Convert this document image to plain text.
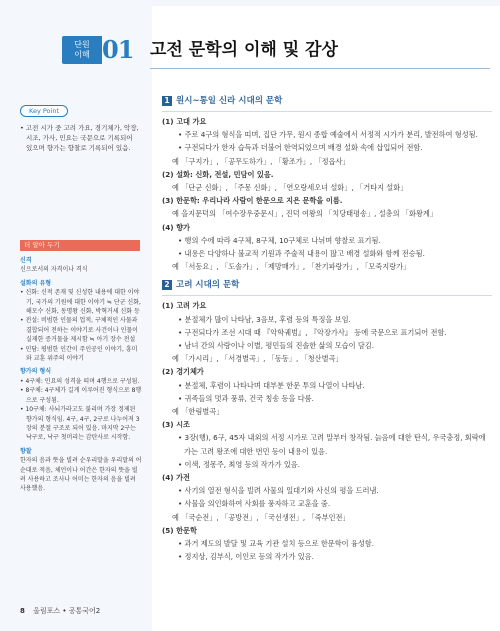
단원
이해 01 고전 문학의 이해 및 감상
Key Point
• 고전 시가 중 고려 가요, 경기체가, 악장, 시조, 가사, 민요는 국문으로 기록되어 있으며 향가는 향찰로 기록되어 있음.
더 알아 두기
신격
신으로서의 자격이나 격식
설화의 유형
• 신화: 신적 존재 및 신성한 내용에 대한 이야기, 국가의 기원에 대한 이야기 ≒ 단군 신화, 해모수 신화, 동명왕 신화, 박혁거세 신화 등
• 전설: 비범한 인물의 업적, 구체적인 사물과 결합되어 전하는 이야기로 사건이나 인물이 실재한 증거물을 제시함 ≒ 아기 장수 전설
• 민담: 평범한 인간이 주인공인 이야기, 흥미와 교훈 위주의 이야기
향가의 형식
• 4구체: 민요의 성격을 띠며 4행으로 구성됨.
• 8구체: 4구체가 길게 이루어진 형식으로 8행으로 구성됨.
• 10구체: 사뇌가라고도 불리며 가장 정제된 향가의 형식임. 4구, 4구, 2구로 나누어져 3장의 분절 구조로 되어 있음. 마지막 2구는 낙구로, 낙구 첫머리는 감탄사로 시작함.
향찰
한자의 음과 뜻을 빌려 순우리말을 우리말의 어순대로 적음, 체언이나 어간은 한자의 뜻을 빌려 사용하고 조사나 어미는 한자의 음을 빌려 사용했음.
1 원시~통일 신라 시대의 문학
(1) 고대 가요
• 주로 4구의 형식을 띠며, 집단 가무, 원시 종합 예술에서 서정적 시가가 분리, 발전하여 형성됨.
• 구전되다가 한자 습득과 더불어 한역되었으며 배경 설화 속에 삽입되어 전함.
예 「구지가」, 「공무도하가」, 「황조가」, 「정읍사」
(2) 설화: 신화, 전설, 민담이 있음.
예 「단군 신화」, 「주몽 신화」, 「연오랑세오녀 설화」, 「거타지 설화」
(3) 한문학: 우리나라 사람이 한문으로 지은 문학을 이름.
예 을지문덕의 「여수장우중문시」, 진덕 여왕의 「치당태평송」, 설총의 「화왕계」
(4) 향가
• 행의 수에 따라 4구체, 8구체, 10구체로 나뉘며 향찰로 표기됨.
• 내용은 다양하나 불교적 기원과 주술적 내용이 많고 배경 설화와 함께 전승됨.
예 「서동요」, 「도솔가」, 「제망매가」, 「찬기파랑가」, 「모죽지랑가」
2 고려 시대의 문학
(1) 고려 가요
• 분절체가 많이 나타남, 3음보, 후렴 등의 특징을 보임.
• 구전되다가 조선 시대 때 『악학궤범』, 『악장가사』 등에 국문으로 표기되어 전함.
• 남녀 간의 사랑이나 이별, 평민들의 진솔한 삶의 모습이 담김.
예 「가시리」, 「서경별곡」, 「동동」, 「청산별곡」
(2) 경기체가
• 분절체, 후렴이 나타나며 대부분 한문 투의 나열이 나타남.
• 귀족들의 멋과 풍류, 건국 칭송 등을 다룸.
예 「한림별곡」
(3) 시조
• 3장(행), 6구, 45자 내외의 서정 시가로 고려 말부터 창작됨. 늙음에 대한 탄식, 우국충정, 회락에 가는 고려 왕조에 대한 번민 등이 내용이 있음.
• 이색, 정몽주, 최영 등의 작가가 있음.
(4) 가전
• 사기의 열전 형식을 빌려 사물의 일대기와 사신의 평을 드러냄.
• 사물을 의인화하여 사회를 풍자하고 교훈을 줌.
예 「국순전」, 「공방전」, 「국선생전」, 「죽부인전」
(5) 한문학
• 과거 제도의 발달 및 교육 기관 설치 등으로 한문학이 융성함.
• 정지상, 김부식, 이인로 등의 작가가 있음.
8 올림포스 • 공통국어2
